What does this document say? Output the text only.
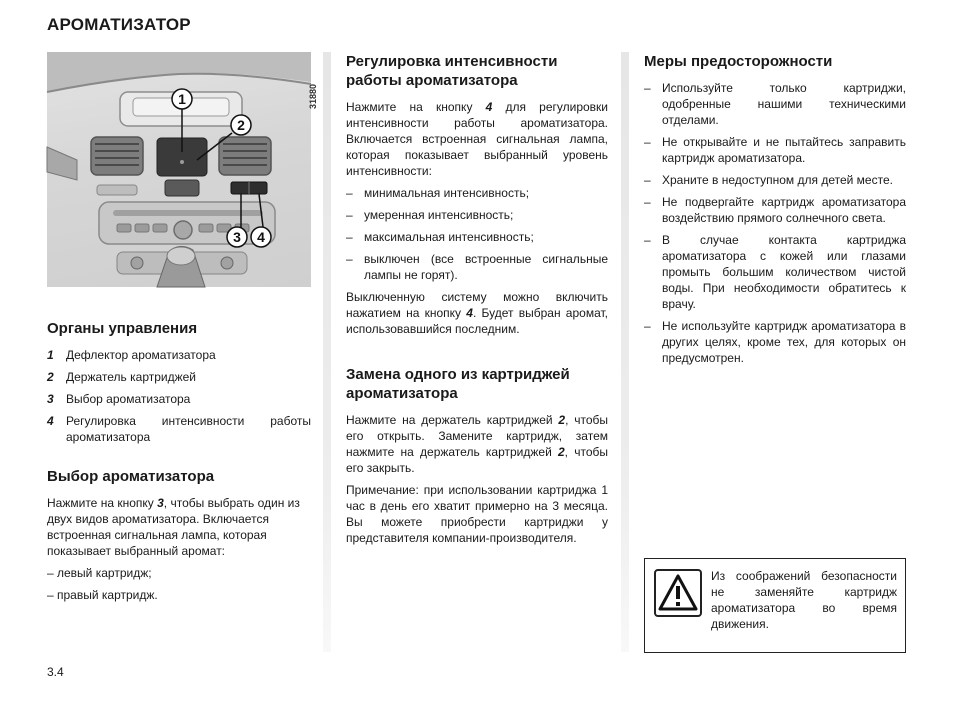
АРОМАТИЗАТОР
1
2
3 4
31880
Органы управления
1 Дефлектор ароматизатора
2 Держатель картриджей
3 Выбор ароматизатора
4 Регулировка интенсивности работы ароматизатора
Выбор ароматизатора

Нажмите на кнопку 3, чтобы выбрать один из двух видов ароматизатора. Включается встроенная сигнальная лампа, которая показывает выбранный аромат:

– левый картридж;

– правый картридж.

Регулировка интенсивности работы ароматизатора

Нажмите на кнопку 4 для регулировки интенсивности работы ароматизатора. Включается встроенная сигнальная лампа, которая показывает выбранный уровень интенсивности:

– минимальная интенсивность;
– умеренная интенсивность;
– максимальная интенсивность;
– выключен (все встроенные сигнальные лампы не горят).

Выключенную систему можно включить нажатием на кнопку 4. Будет выбран аромат, использовавшийся последним.

Замена одного из картриджей ароматизатора

Нажмите на держатель картриджей 2, чтобы его открыть. Замените картридж, затем нажмите на держатель картриджей 2, чтобы его закрыть.

Примечание: при использовании картриджа 1 час в день его хватит примерно на 3 месяца. Вы можете приобрести картриджи у представителя компании-производителя.

Меры предосторожности
– Используйте только картриджи, одобренные нашими техническими отделами.
– Не открывайте и не пытайтесь заправить картридж ароматизатора.
– Храните в недоступном для детей месте.
– Не подвергайте картридж ароматизатора воздействию прямого солнечного света.
– В случае контакта картриджа ароматизатора с кожей или глазами промыть большим количеством чистой воды. При необходимости обратитесь к врачу.
– Не используйте картридж ароматизатора в других целях, кроме тех, для которых он предусмотрен.
Из соображений безопасности не заменяйте картридж ароматизатора во время движения.
3.4
